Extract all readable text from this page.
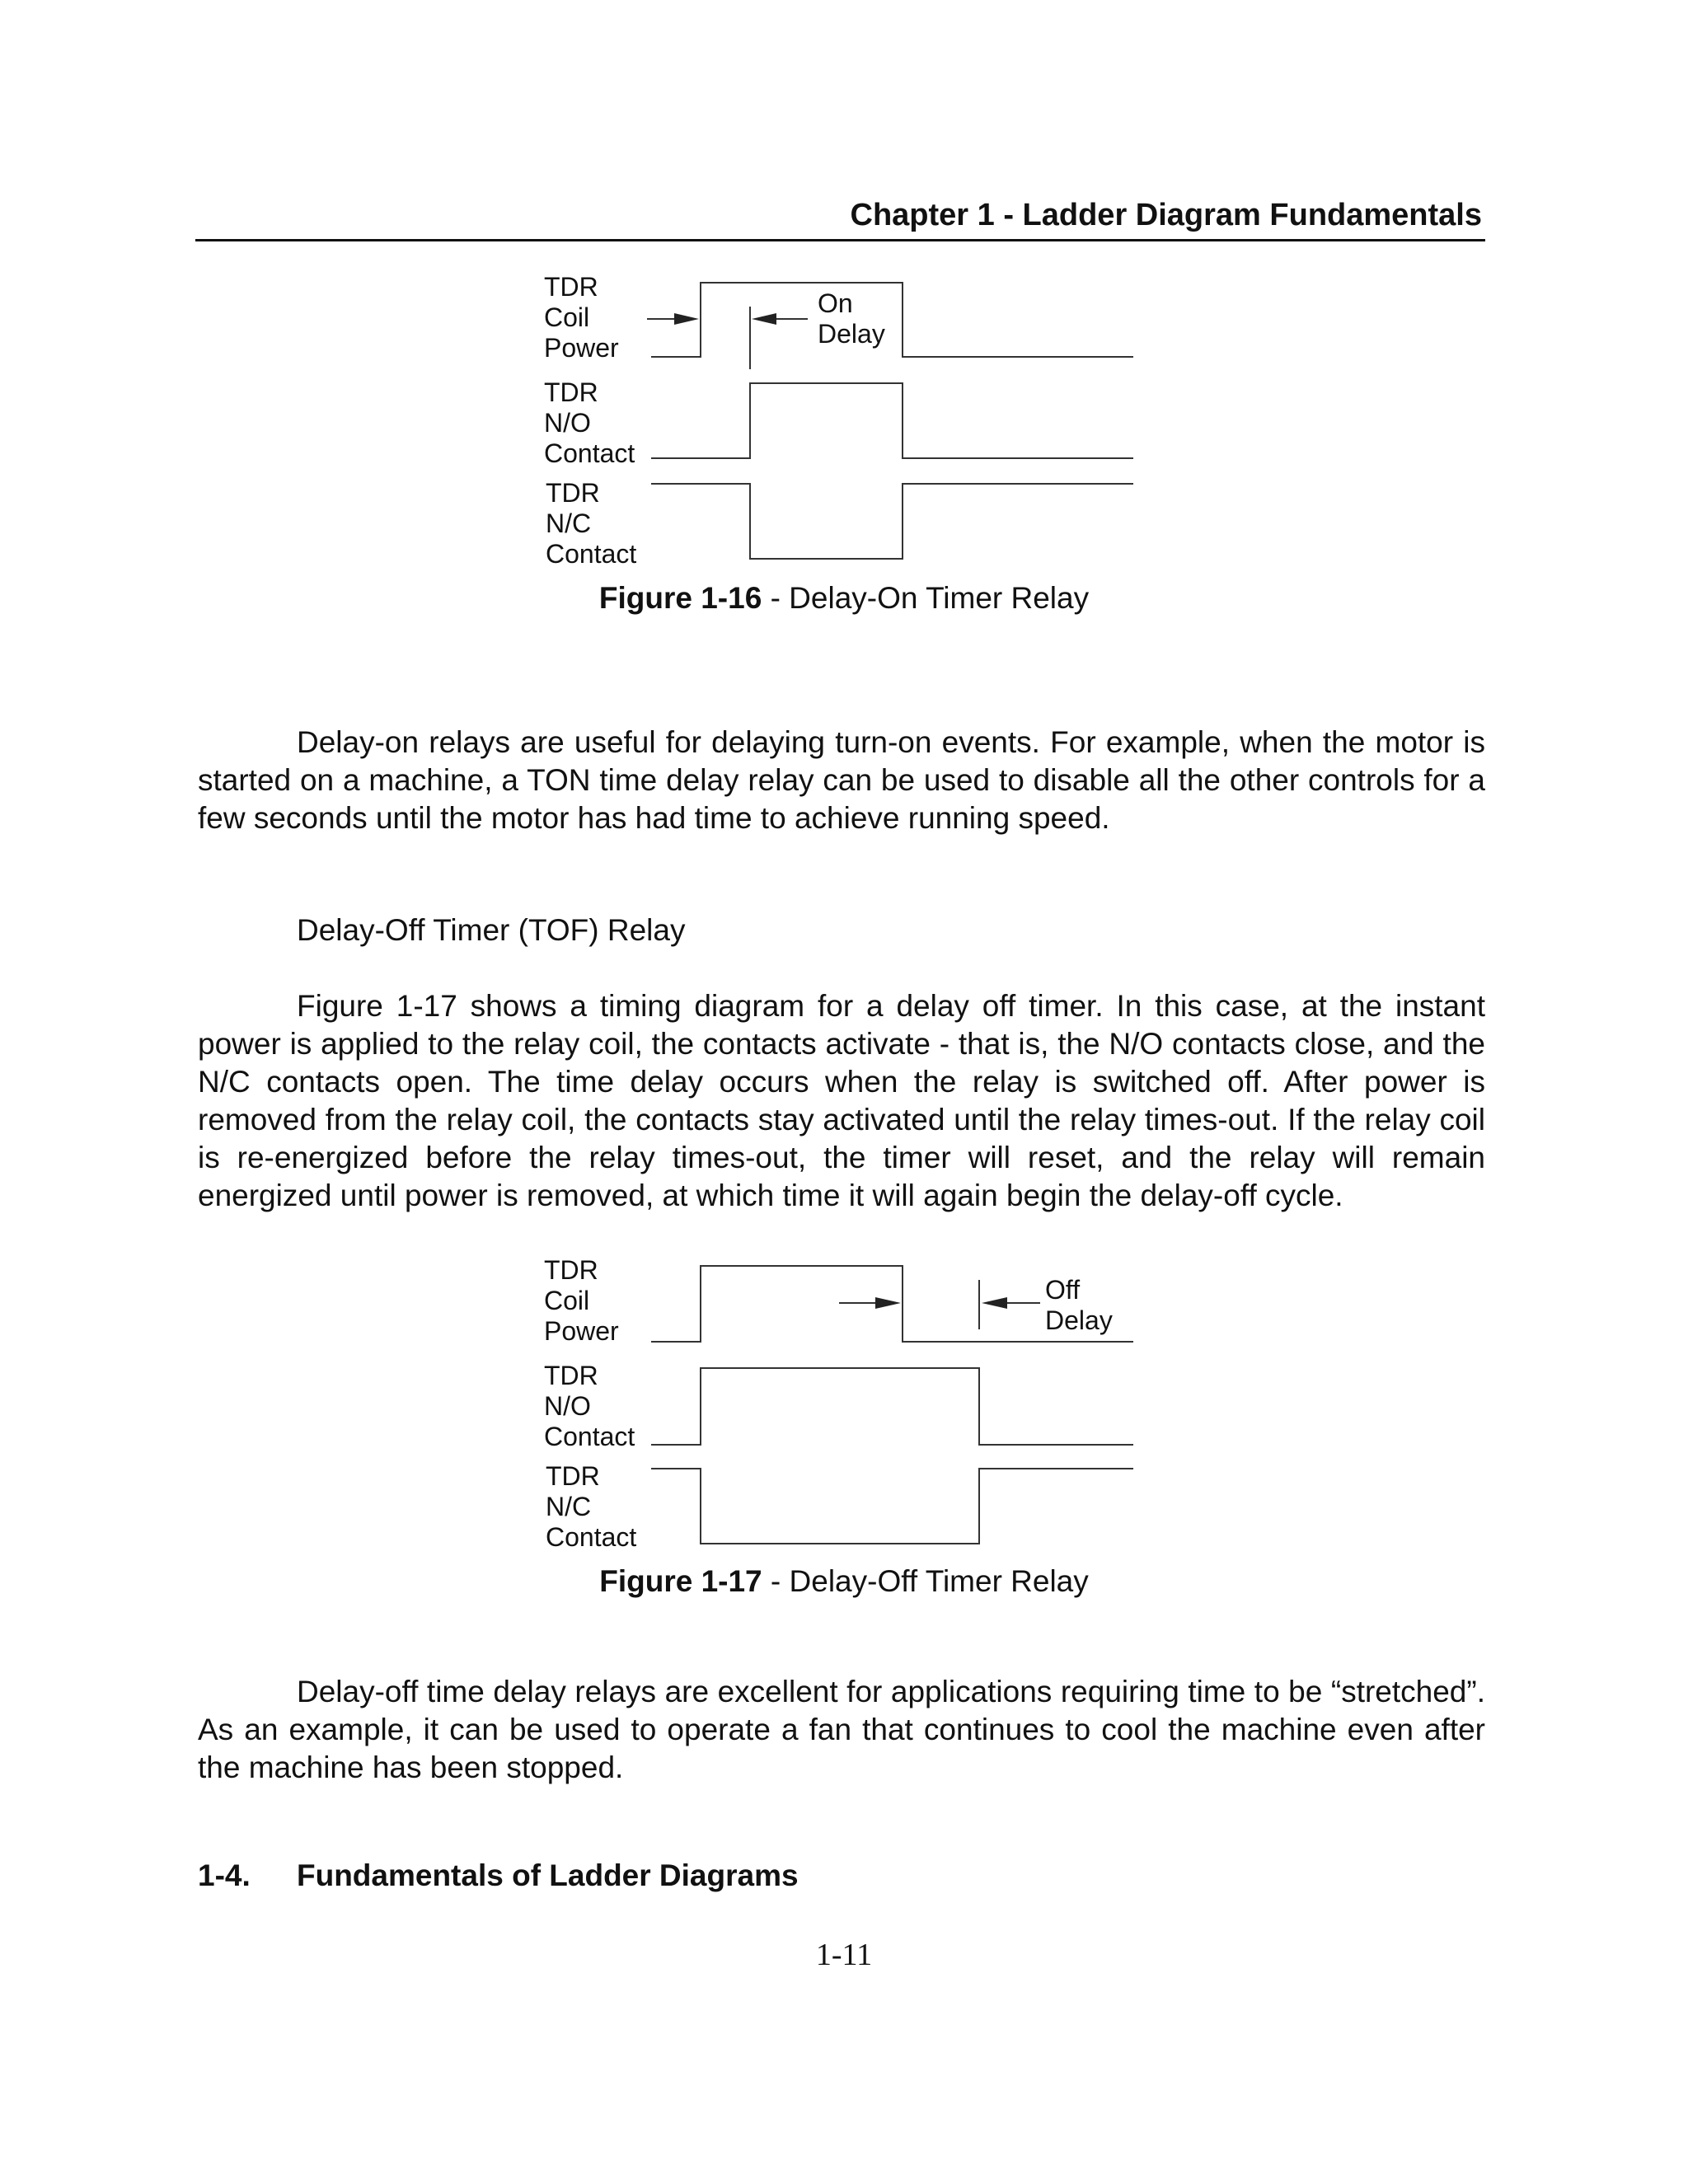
Chapter 1 - Ladder Diagram Fundamentals
TDR
Coil
Power
TDR
N/O
Contact
TDR
N/C
Contact
On
Delay
Figure 1-16 - Delay-On Timer Relay

Delay-on relays are useful for delaying turn-on events. For example, when the motor is started on a machine, a TON time delay relay can be used to disable all the other controls for a few seconds until the motor has had time to achieve running speed.

Delay-Off Timer (TOF) Relay

Figure 1-17 shows a timing diagram for a delay off timer. In this case, at the instant power is applied to the relay coil, the contacts activate - that is, the N/O contacts close, and the N/C contacts open. The time delay occurs when the relay is switched off. After power is removed from the relay coil, the contacts stay activated until the relay times-out. If the relay coil is re-energized before the relay times-out, the timer will reset, and the relay will remain energized until power is removed, at which time it will again begin the delay-off cycle.

TDR
Coil
Power
TDR
N/O
Contact
TDR
N/C
Contact
Off
Delay
Figure 1-17 - Delay-Off Timer Relay

Delay-off time delay relays are excellent for applications requiring time to be “stretched”. As an example, it can be used to operate a fan that continues to cool the machine even after the machine has been stopped.

1-4. Fundamentals of Ladder Diagrams
1-11
